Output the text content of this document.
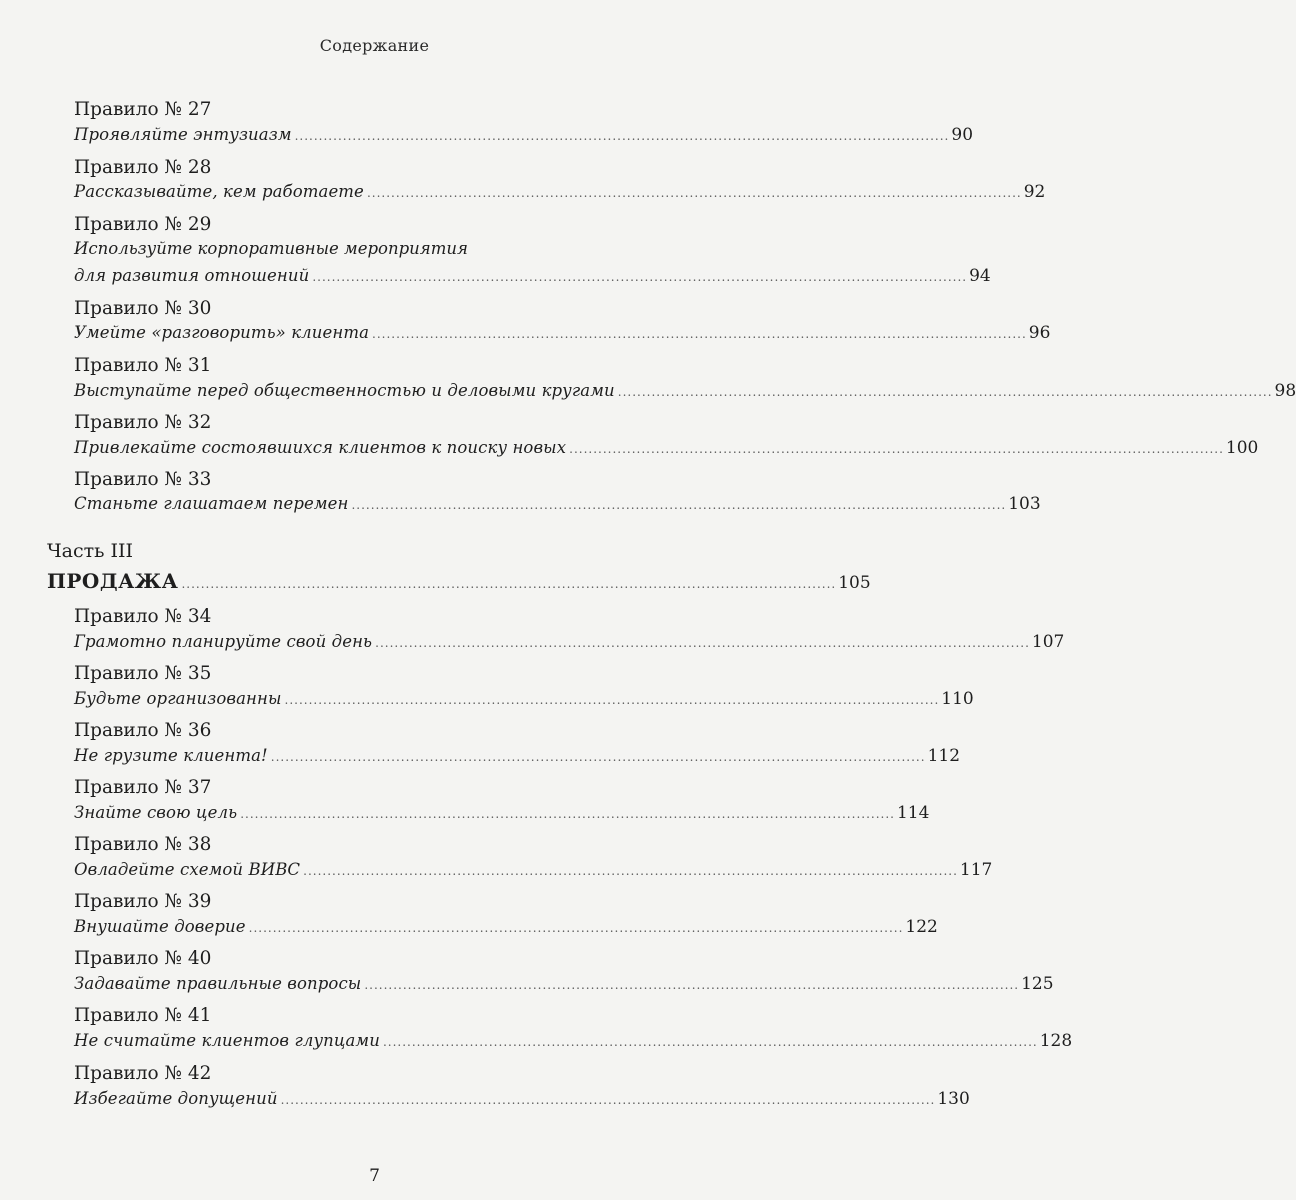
Содержание
Правило № 27
Проявляйте энтузиазм ........................................................................................................................................ 90
Правило № 28
Рассказывайте, кем работаете ........................................................................................................................................ 92
Правило № 29
Используйте корпоративные мероприятия
для развития отношений ........................................................................................................................................ 94
Правило № 30
Умейте «разговорить» клиента ........................................................................................................................................ 96
Правило № 31
Выступайте перед общественностью и деловыми кругами ........................................................................................................................................ 98
Правило № 32
Привлекайте состоявшихся клиентов к поиску новых ........................................................................................................................................ 100
Правило № 33
Станьте глашатаем перемен ........................................................................................................................................ 103
Часть III
ПРОДАЖА ........................................................................................................................................ 105
Правило № 34
Грамотно планируйте свой день ........................................................................................................................................ 107
Правило № 35
Будьте организованны ........................................................................................................................................ 110
Правило № 36
Не грузите клиента! ........................................................................................................................................ 112
Правило № 37
Знайте свою цель ........................................................................................................................................ 114
Правило № 38
Овладейте схемой ВИВС ........................................................................................................................................ 117
Правило № 39
Внушайте доверие ........................................................................................................................................ 122
Правило № 40
Задавайте правильные вопросы ........................................................................................................................................ 125
Правило № 41
Не считайте клиентов глупцами ........................................................................................................................................ 128
Правило № 42
Избегайте допущений ........................................................................................................................................ 130
7
